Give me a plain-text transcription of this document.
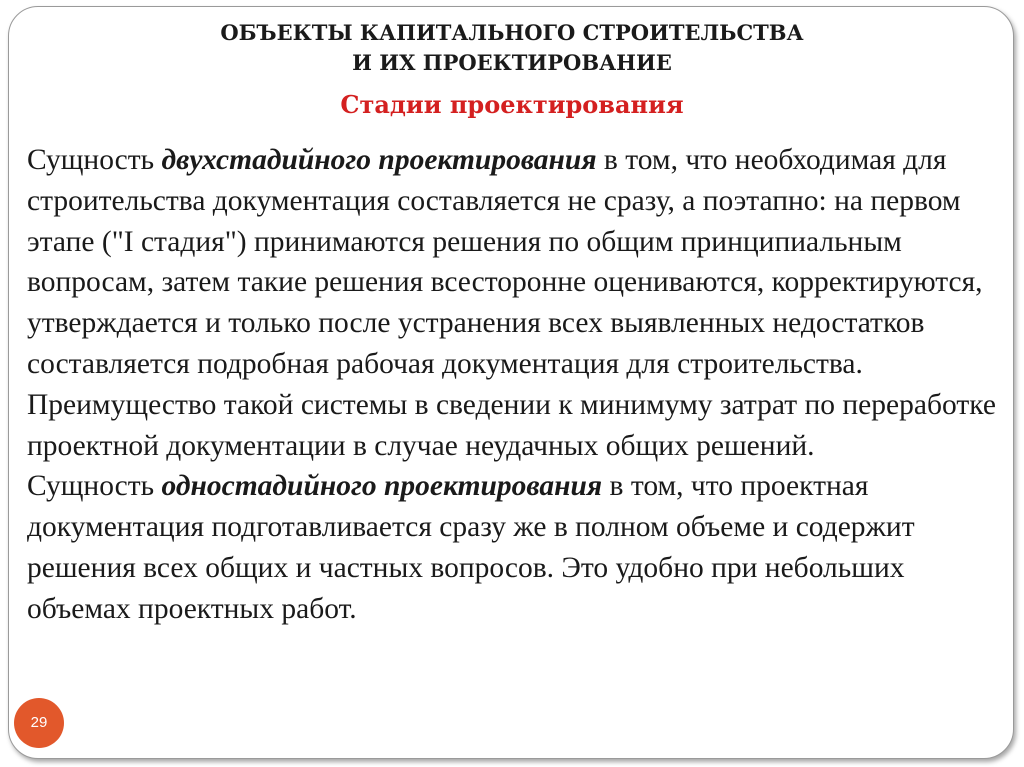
ОБЪЕКТЫ КАПИТАЛЬНОГО СТРОИТЕЛЬСТВА
И ИХ ПРОЕКТИРОВАНИЕ
Стадии проектирования

Сущность двухстадийного проектирования в том, что необходимая для строительства документация составляется не сразу, а поэтапно: на первом этапе ("I стадия") принимаются решения по общим принципиальным вопросам, затем такие решения всесторонне оцениваются, корректируются, утверждается и только после устранения всех выявленных недостатков составляется подробная рабочая документация для строительства. Преимущество такой системы в сведении к минимуму затрат по переработке проектной документации в случае неудачных общих решений.

Сущность одностадийного проектирования в том, что проектная документация подготавливается сразу же в полном объеме и содержит решения всех общих и частных вопросов. Это удобно при небольших объемах проектных работ.

29
